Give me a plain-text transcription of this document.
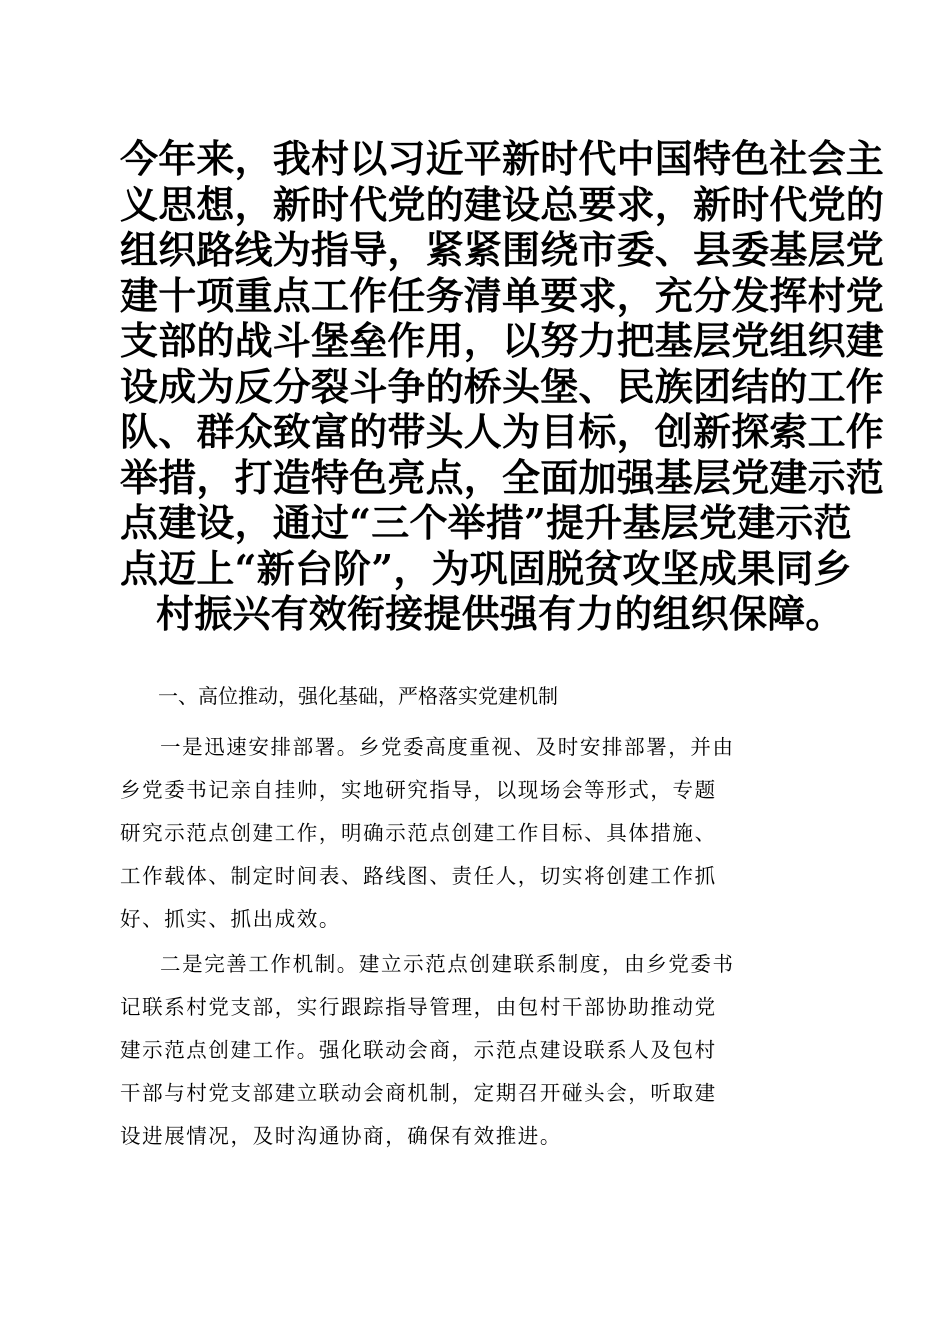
今年来，我村以习近平新时代中国特色社会主
义思想，新时代党的建设总要求，新时代党的
组织路线为指导，紧紧围绕市委、县委基层党
建十项重点工作任务清单要求，充分发挥村党
支部的战斗堡垒作用，以努力把基层党组织建
设成为反分裂斗争的桥头堡、民族团结的工作
队、群众致富的带头人为目标，创新探索工作
举措，打造特色亮点，全面加强基层党建示范
点建设，通过“三个举措”提升基层党建示范
点迈上“新台阶”，为巩固脱贫攻坚成果同乡
村振兴有效衔接提供强有力的组织保障。

一、高位推动，强化基础，严格落实党建机制

一是迅速安排部署。乡党委高度重视、及时安排部署，并由
乡党委书记亲自挂帅，实地研究指导，以现场会等形式，专题
研究示范点创建工作，明确示范点创建工作目标、具体措施、
工作载体、制定时间表、路线图、责任人，切实将创建工作抓
好、抓实、抓出成效。

二是完善工作机制。建立示范点创建联系制度，由乡党委书
记联系村党支部，实行跟踪指导管理，由包村干部协助推动党
建示范点创建工作。强化联动会商，示范点建设联系人及包村
干部与村党支部建立联动会商机制，定期召开碰头会，听取建
设进展情况，及时沟通协商，确保有效推进。
